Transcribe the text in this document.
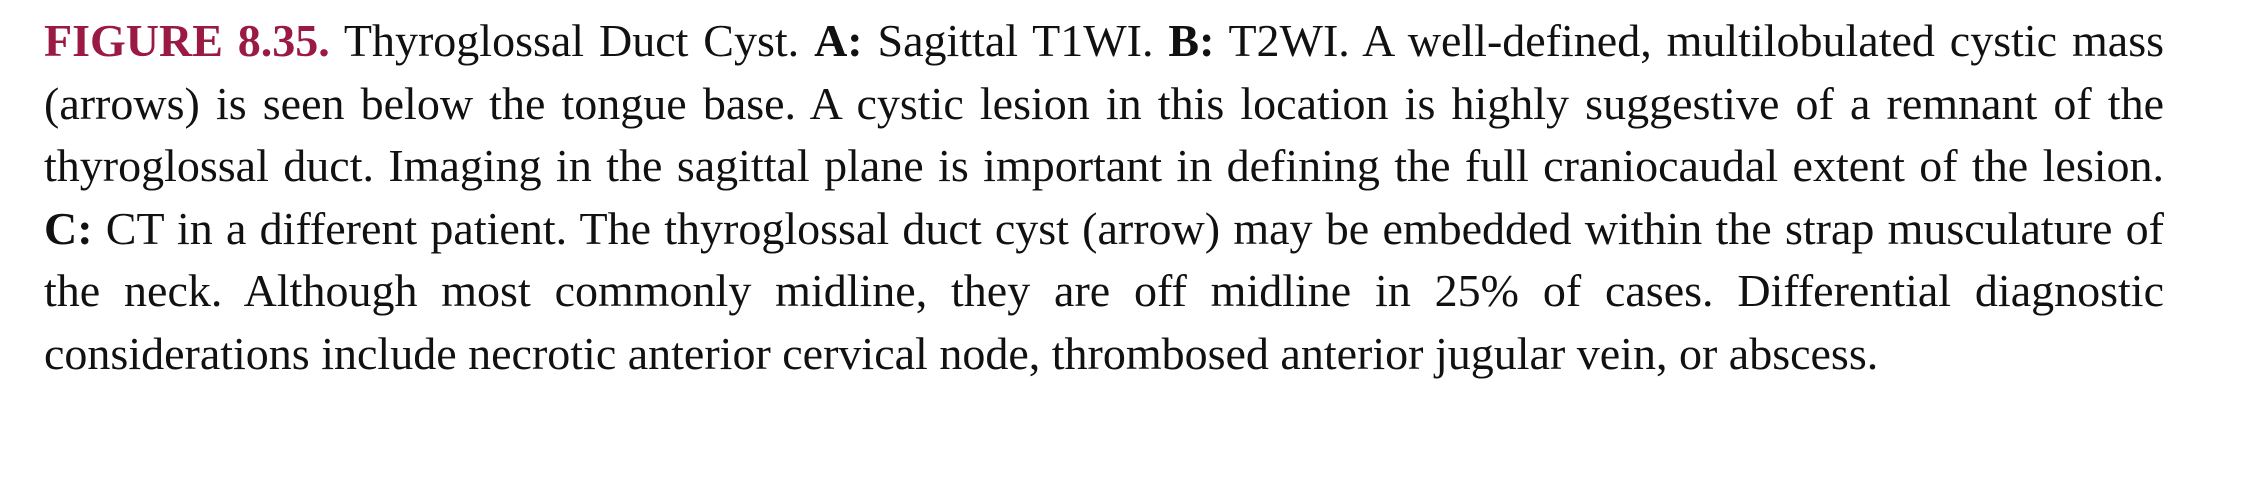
FIGURE 8.35. Thyroglossal Duct Cyst. A: Sagittal T1WI. B: T2WI. A well-defined, multilobulated cystic mass (arrows) is seen below the tongue base. A cystic lesion in this location is highly suggestive of a remnant of the thyroglossal duct. Imaging in the sagittal plane is important in defining the full craniocaudal extent of the lesion. C: CT in a different patient. The thyroglossal duct cyst (arrow) may be embedded within the strap musculature of the neck. Although most commonly midline, they are off midline in 25% of cases. Differential diagnostic considerations include necrotic anterior cervical node, thrombosed anterior jugular vein, or abscess.
